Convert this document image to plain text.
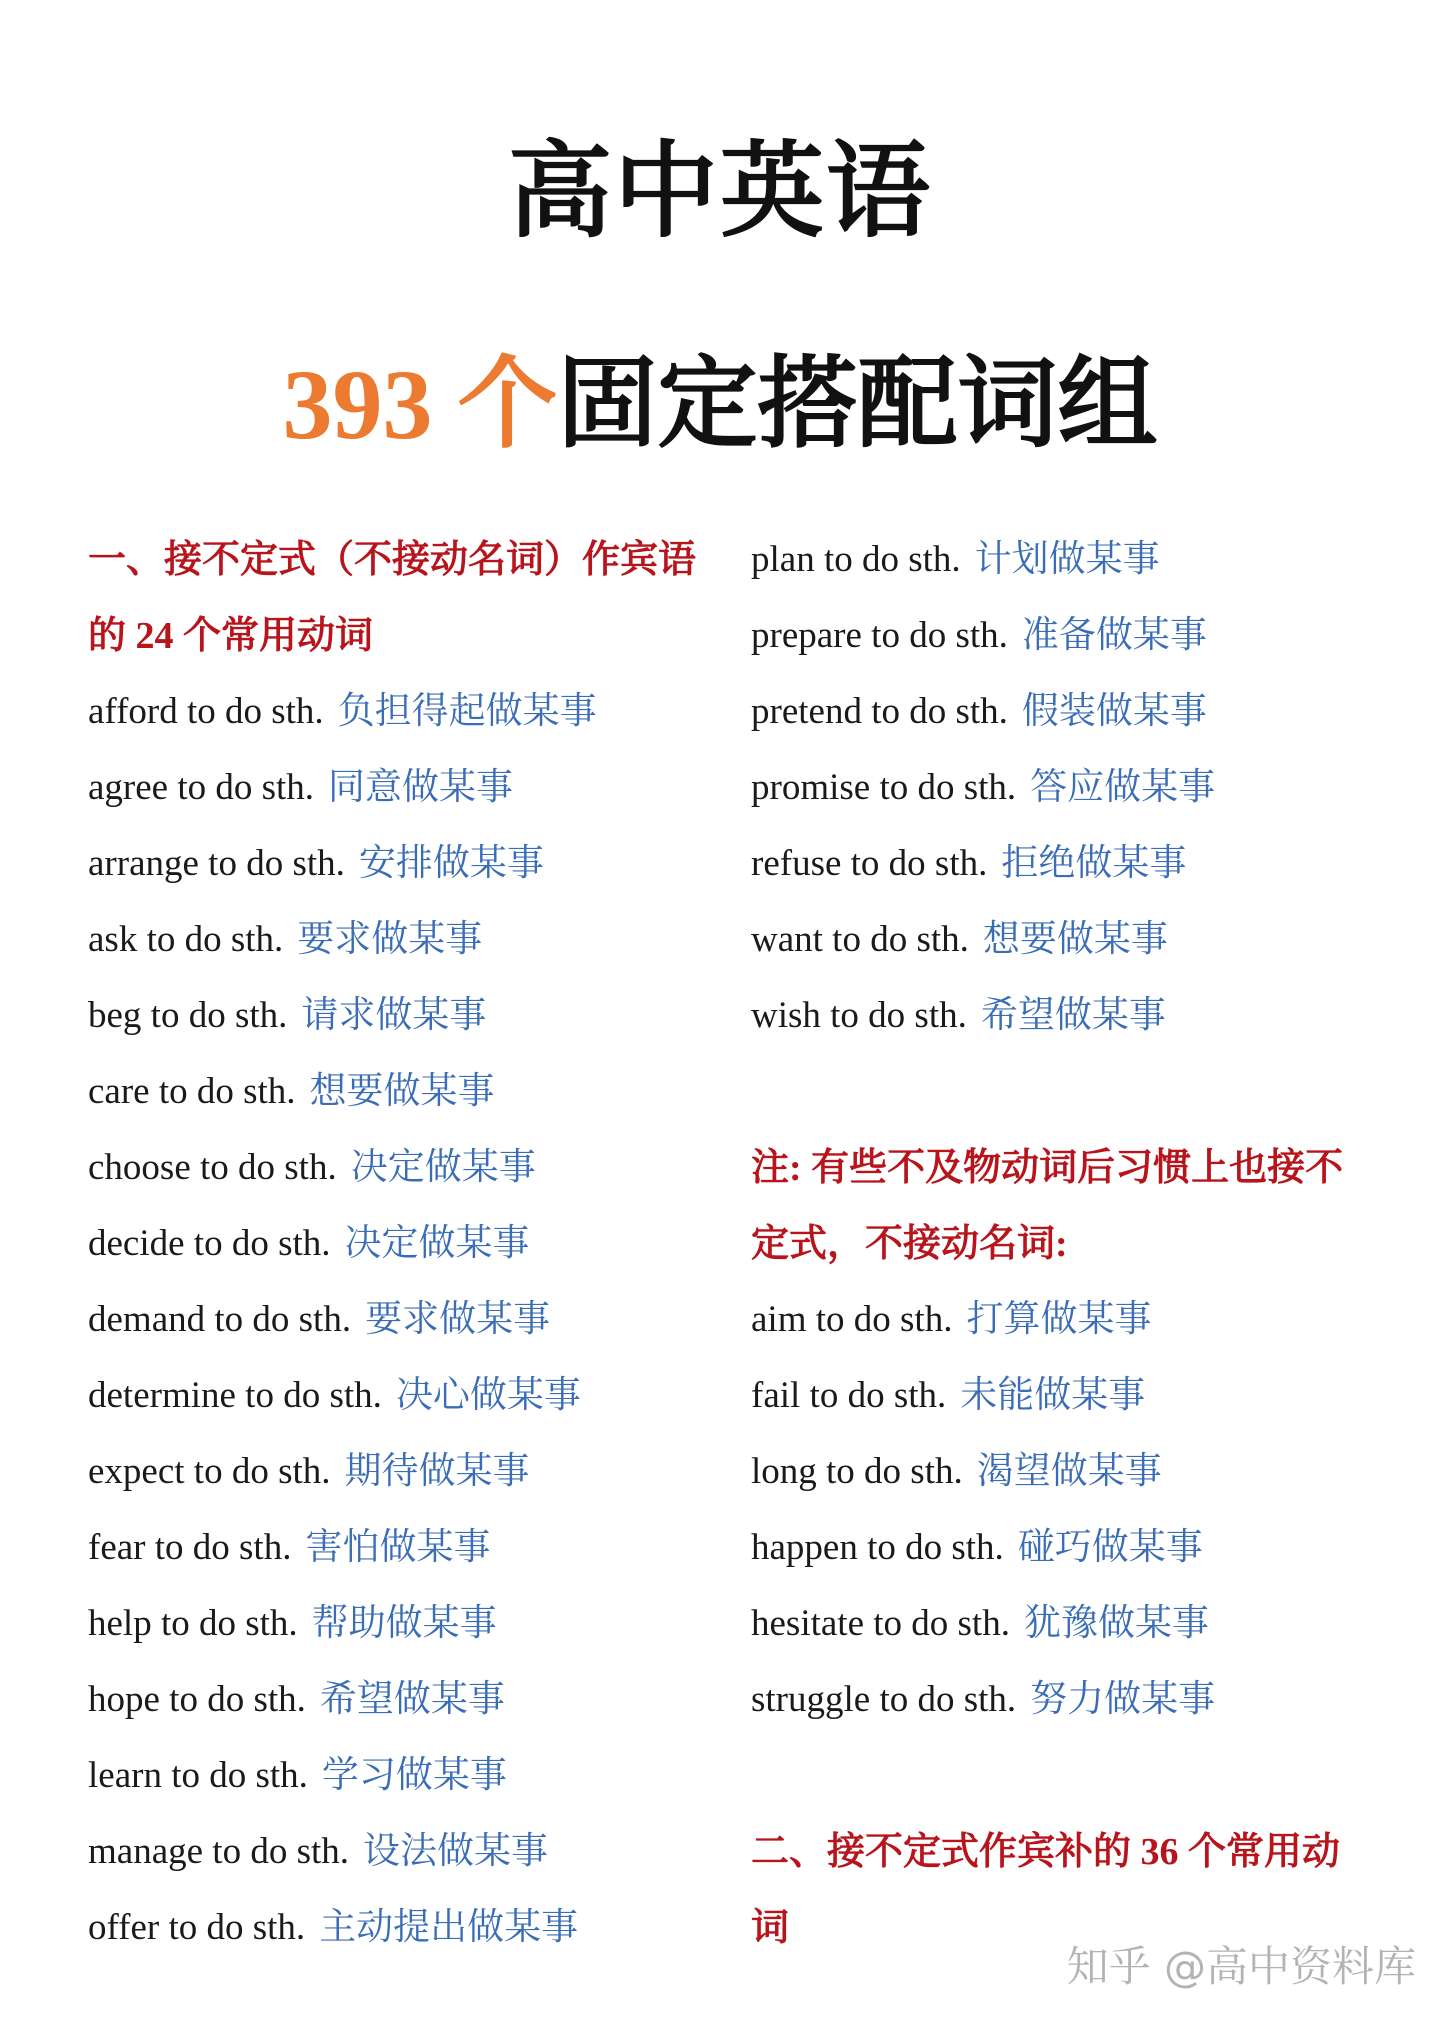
高中英语
393 个固定搭配词组
一、接不定式（不接动名词）作宾语
的 24 个常用动词
afford to do sth. 负担得起做某事
agree to do sth. 同意做某事
arrange to do sth. 安排做某事
ask to do sth. 要求做某事
beg to do sth. 请求做某事
care to do sth. 想要做某事
choose to do sth. 决定做某事
decide to do sth. 决定做某事
demand to do sth. 要求做某事
determine to do sth. 决心做某事
expect to do sth. 期待做某事
fear to do sth. 害怕做某事
help to do sth. 帮助做某事
hope to do sth. 希望做某事
learn to do sth. 学习做某事
manage to do sth. 设法做某事
offer to do sth. 主动提出做某事
plan to do sth. 计划做某事
prepare to do sth. 准备做某事
pretend to do sth. 假装做某事
promise to do sth. 答应做某事
refuse to do sth. 拒绝做某事
want to do sth. 想要做某事
wish to do sth. 希望做某事
注: 有些不及物动词后习惯上也接不
定式，不接动名词:
aim to do sth. 打算做某事
fail to do sth. 未能做某事
long to do sth. 渴望做某事
happen to do sth. 碰巧做某事
hesitate to do sth. 犹豫做某事
struggle to do sth. 努力做某事
二、接不定式作宾补的 36 个常用动
词
知乎 @高中资料库
